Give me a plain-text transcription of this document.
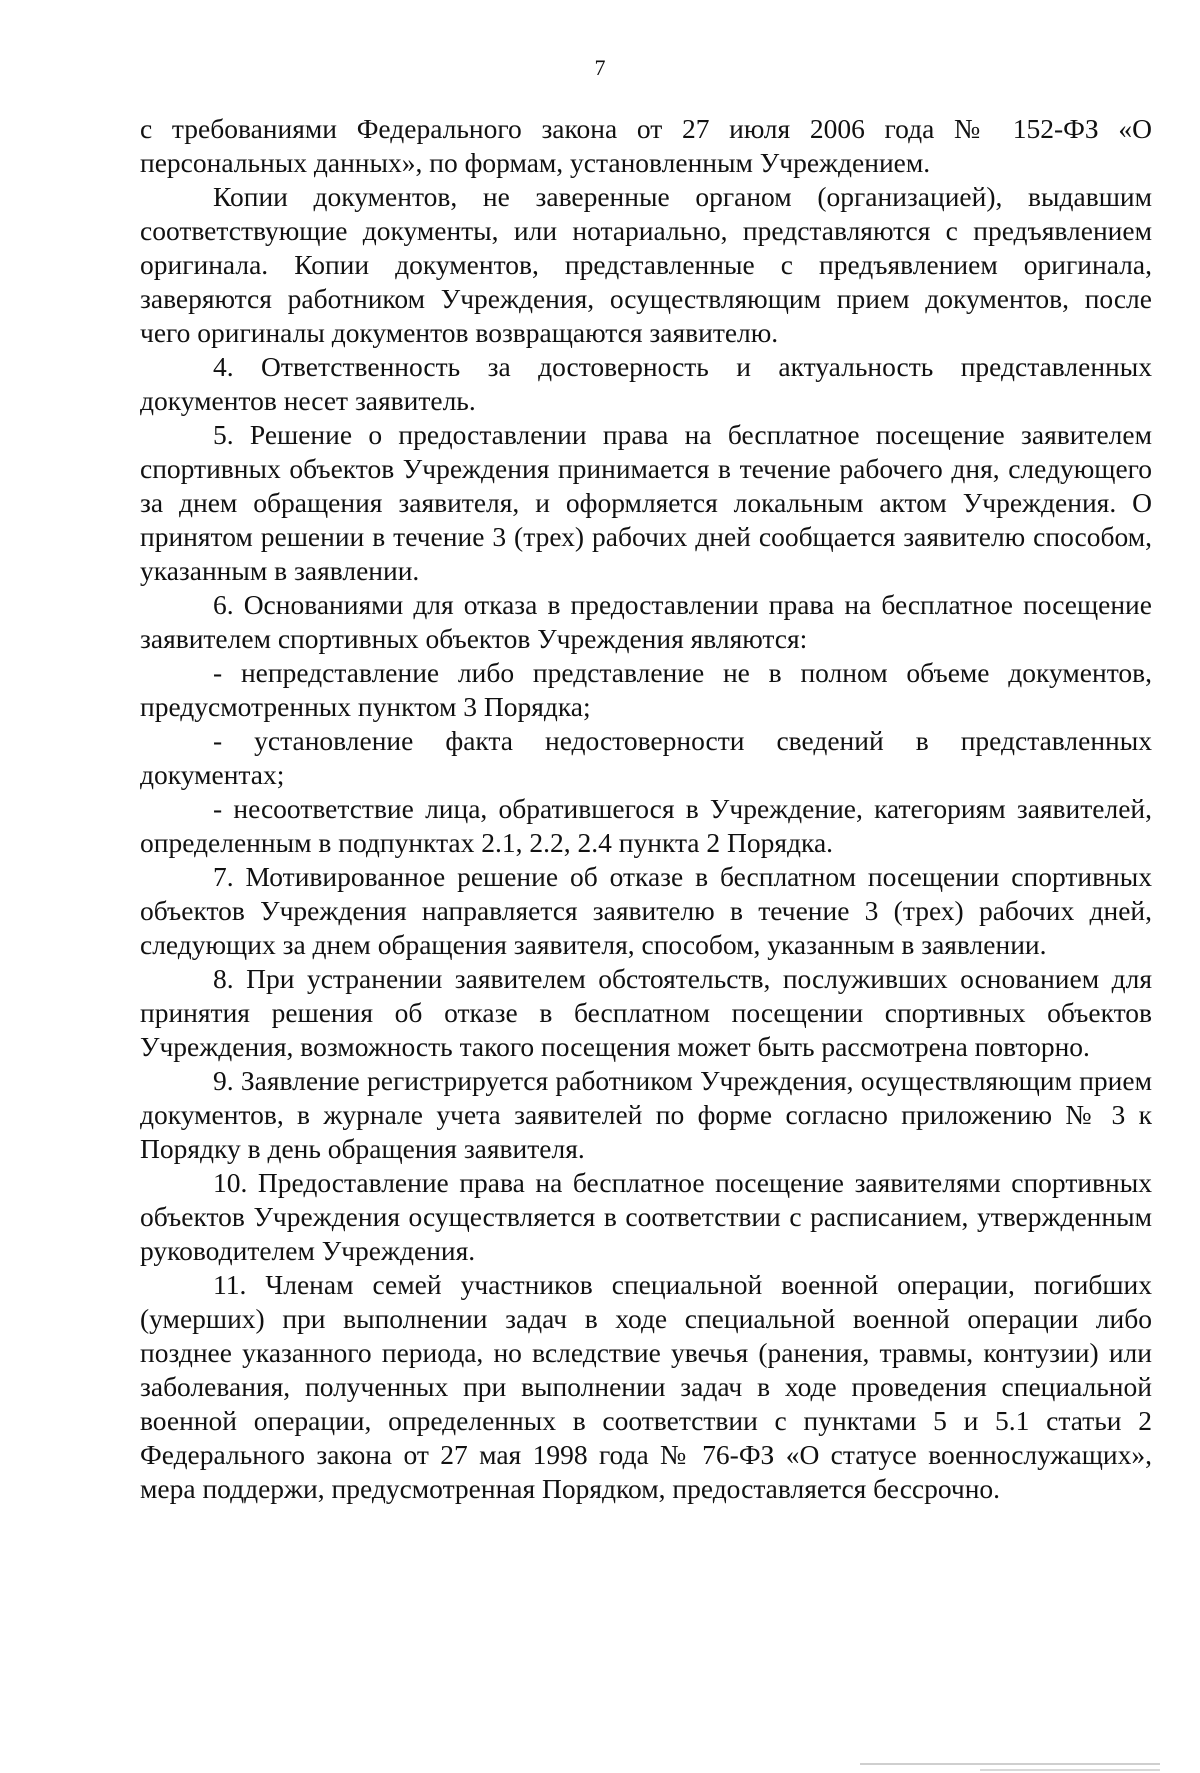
7

с требованиями Федерального закона от 27 июля 2006 года № 152-ФЗ «О персональных данных», по формам, установленным Учреждением.

Копии документов, не заверенные органом (организацией), выдавшим соответствующие документы, или нотариально, представляются с предъявлением оригинала. Копии документов, представленные с предъявлением оригинала, заверяются работником Учреждения, осуществляющим прием документов, после чего оригиналы документов возвращаются заявителю.

4. Ответственность за достоверность и актуальность представленных документов несет заявитель.

5. Решение о предоставлении права на бесплатное посещение заявителем спортивных объектов Учреждения принимается в течение рабочего дня, следующего за днем обращения заявителя, и оформляется локальным актом Учреждения. О принятом решении в течение 3 (трех) рабочих дней сообщается заявителю способом, указанным в заявлении.

6. Основаниями для отказа в предоставлении права на бесплатное посещение заявителем спортивных объектов Учреждения являются:

- непредставление либо представление не в полном объеме документов, предусмотренных пунктом 3 Порядка;

- установление факта недостоверности сведений в представленных документах;

- несоответствие лица, обратившегося в Учреждение, категориям заявителей, определенным в подпунктах 2.1, 2.2, 2.4 пункта 2 Порядка.

7. Мотивированное решение об отказе в бесплатном посещении спортивных объектов Учреждения направляется заявителю в течение 3 (трех) рабочих дней, следующих за днем обращения заявителя, способом, указанным в заявлении.

8. При устранении заявителем обстоятельств, послуживших основанием для принятия решения об отказе в бесплатном посещении спортивных объектов Учреждения, возможность такого посещения может быть рассмотрена повторно.

9. Заявление регистрируется работником Учреждения, осуществляющим прием документов, в журнале учета заявителей по форме согласно приложению № 3 к Порядку в день обращения заявителя.

10. Предоставление права на бесплатное посещение заявителями спортивных объектов Учреждения осуществляется в соответствии с расписанием, утвержденным руководителем Учреждения.

11. Членам семей участников специальной военной операции, погибших (умерших) при выполнении задач в ходе специальной военной операции либо позднее указанного периода, но вследствие увечья (ранения, травмы, контузии) или заболевания, полученных при выполнении задач в ходе проведения специальной военной операции, определенных в соответствии с пунктами 5 и 5.1 статьи 2 Федерального закона от 27 мая 1998 года № 76-ФЗ «О статусе военнослужащих», мера поддержи, предусмотренная Порядком, предоставляется бессрочно.
